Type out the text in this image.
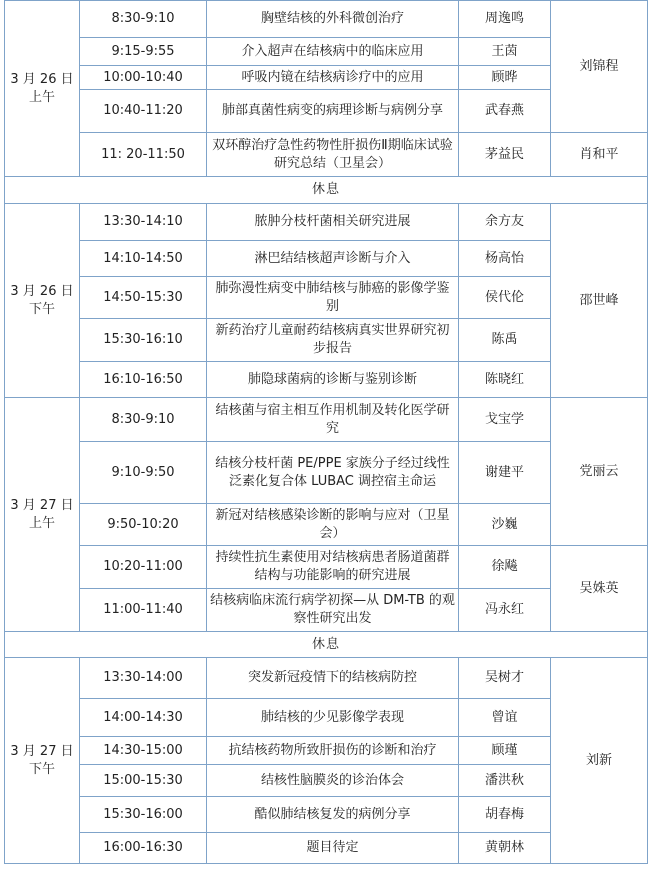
3 月 26 日
上午	8:30-9:10	胸壁结核的外科微创治疗	周逸鸣	刘锦程
	9:15-9:55	介入超声在结核病中的临床应用	王茵	
	10:00-10:40	呼吸内镜在结核病诊疗中的应用	顾晔	
	10:40-11:20	肺部真菌性病变的病理诊断与病例分享	武春燕	
	11: 20-11:50	双环醇治疗急性药物性肝损伤Ⅱ期临床试验研究总结（卫星会）	茅益民	肖和平
休息				
3 月 26 日
下午	13:30-14:10	脓肿分枝杆菌相关研究进展	余方友	邵世峰
	14:10-14:50	淋巴结结核超声诊断与介入	杨高怡	
	14:50-15:30	肺弥漫性病变中肺结核与肺癌的影像学鉴别	侯代伦	
	15:30-16:10	新药治疗儿童耐药结核病真实世界研究初步报告	陈禹	
	16:10-16:50	肺隐球菌病的诊断与鉴别诊断	陈晓红	
3 月 27 日
上午	8:30-9:10	结核菌与宿主相互作用机制及转化医学研究	戈宝学	党丽云
	9:10-9:50	结核分枝杆菌 PE/PPE 家族分子经过线性泛素化复合体 LUBAC 调控宿主命运	谢建平	
	9:50-10:20	新冠对结核感染诊断的影响与应对（卫星会）	沙巍	
	10:20-11:00	持续性抗生素使用对结核病患者肠道菌群结构与功能影响的研究进展	徐飚	吴姝英
	11:00-11:40	结核病临床流行病学初探—从 DM-TB 的观察性研究出发	冯永红	
休息				
3 月 27 日
下午	13:30-14:00	突发新冠疫情下的结核病防控	吴树才	刘新
	14:00-14:30	肺结核的少见影像学表现	曾谊	
	14:30-15:00	抗结核药物所致肝损伤的诊断和治疗	顾瑾	
	15:00-15:30	结核性脑膜炎的诊治体会	潘洪秋	
	15:30-16:00	酷似肺结核复发的病例分享	胡春梅	
	16:00-16:30	题目待定	黄朝林	
